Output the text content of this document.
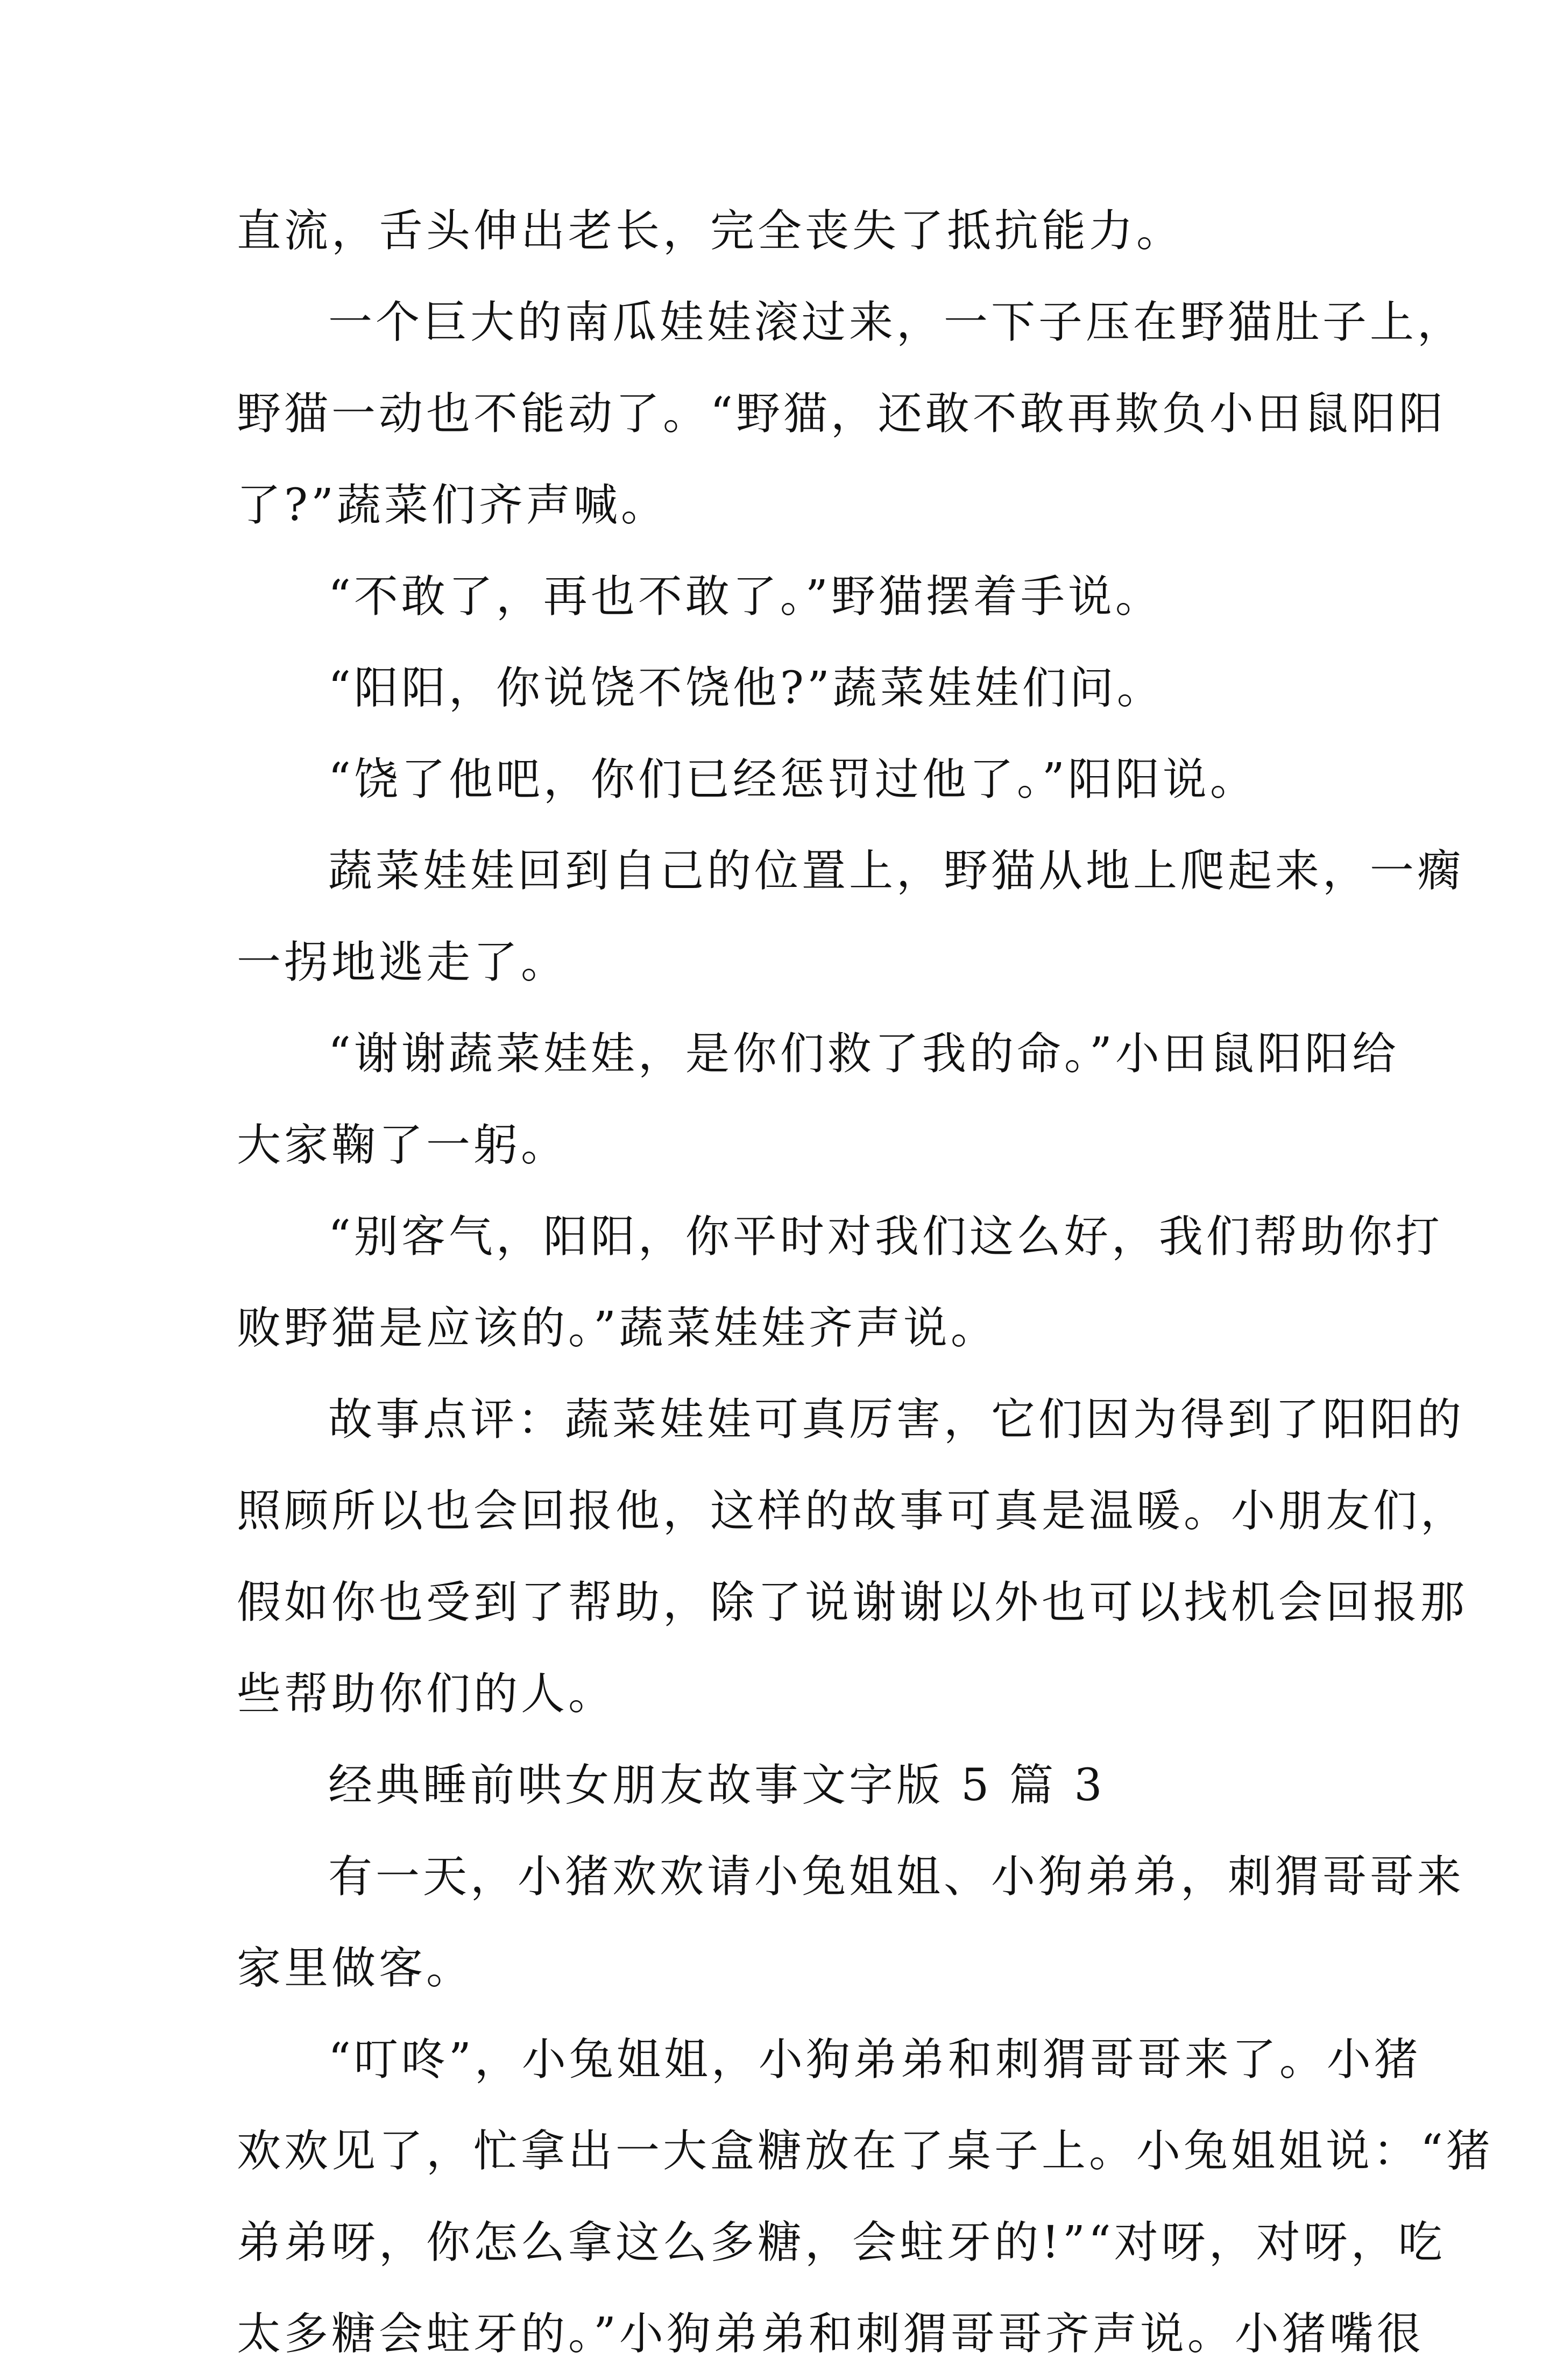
直流，舌头伸出老长，完全丧失了抵抗能力。
一个巨大的南瓜娃娃滚过来，一下子压在野猫肚子上，
野猫一动也不能动了。“野猫，还敢不敢再欺负小田鼠阳阳
了?”蔬菜们齐声喊。
“不敢了，再也不敢了。”野猫摆着手说。
“阳阳，你说饶不饶他?”蔬菜娃娃们问。
“饶了他吧，你们已经惩罚过他了。”阳阳说。
蔬菜娃娃回到自己的位置上，野猫从地上爬起来，一瘸
一拐地逃走了。
“谢谢蔬菜娃娃，是你们救了我的命。”小田鼠阳阳给
大家鞠了一躬。
“别客气，阳阳，你平时对我们这么好，我们帮助你打
败野猫是应该的。”蔬菜娃娃齐声说。
故事点评：蔬菜娃娃可真厉害，它们因为得到了阳阳的
照顾所以也会回报他，这样的故事可真是温暖。小朋友们，
假如你也受到了帮助，除了说谢谢以外也可以找机会回报那
些帮助你们的人。
经典睡前哄女朋友故事文字版 5 篇 3
有一天，小猪欢欢请小兔姐姐、小狗弟弟，刺猬哥哥来
家里做客。
“叮咚”，小兔姐姐，小狗弟弟和刺猬哥哥来了。小猪
欢欢见了，忙拿出一大盒糖放在了桌子上。小兔姐姐说：“猪
弟弟呀，你怎么拿这么多糖，会蛀牙的!”“对呀，对呀，吃
太多糖会蛀牙的。”小狗弟弟和刺猬哥哥齐声说。小猪嘴很
